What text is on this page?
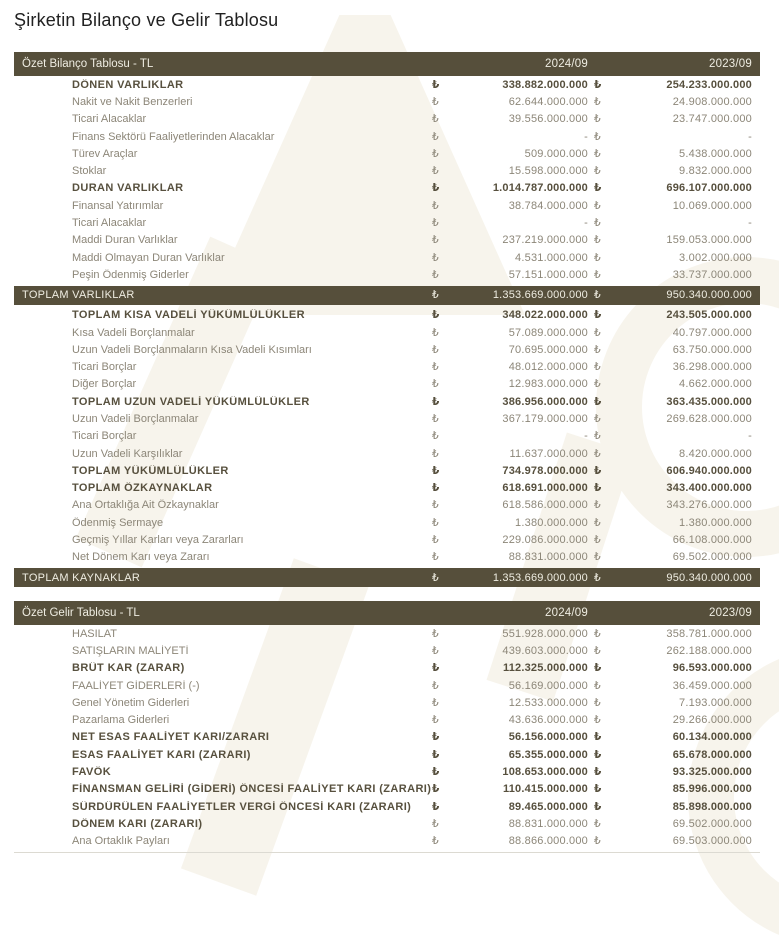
Şirketin Bilanço ve Gelir Tablosu
Özet Bilanço Tablosu - TL	2024/09	2023/09
DÖNEN VARLIKLAR	₺	338.882.000.000 ₺	254.233.000.000
Nakit ve Nakit Benzerleri	₺	62.644.000.000 ₺	24.908.000.000
Ticari Alacaklar	₺	39.556.000.000 ₺	23.747.000.000
Finans Sektörü Faaliyetlerinden Alacaklar	₺	- ₺	-
Türev Araçlar	₺	509.000.000 ₺	5.438.000.000
Stoklar	₺	15.598.000.000 ₺	9.832.000.000
DURAN VARLIKLAR	₺	1.014.787.000.000 ₺	696.107.000.000
Finansal Yatırımlar	₺	38.784.000.000 ₺	10.069.000.000
Ticari Alacaklar	₺	- ₺	-
Maddi Duran Varlıklar	₺	237.219.000.000 ₺	159.053.000.000
Maddi Olmayan Duran Varlıklar	₺	4.531.000.000 ₺	3.002.000.000
Peşin Ödenmiş Giderler	₺	57.151.000.000 ₺	33.737.000.000
TOPLAM VARLIKLAR	₺	1.353.669.000.000 ₺	950.340.000.000
TOPLAM KISA VADELİ YÜKÜMLÜLÜKLER	₺	348.022.000.000 ₺	243.505.000.000
Kısa Vadeli Borçlanmalar	₺	57.089.000.000 ₺	40.797.000.000
Uzun Vadeli Borçlanmaların Kısa Vadeli Kısımları	₺	70.695.000.000 ₺	63.750.000.000
Ticari Borçlar	₺	48.012.000.000 ₺	36.298.000.000
Diğer Borçlar	₺	12.983.000.000 ₺	4.662.000.000
TOPLAM UZUN VADELİ YÜKÜMLÜLÜKLER	₺	386.956.000.000 ₺	363.435.000.000
Uzun Vadeli Borçlanmalar	₺	367.179.000.000 ₺	269.628.000.000
Ticari Borçlar	₺	- ₺	-
Uzun Vadeli Karşılıklar	₺	11.637.000.000 ₺	8.420.000.000
TOPLAM YÜKÜMLÜLÜKLER	₺	734.978.000.000 ₺	606.940.000.000
TOPLAM ÖZKAYNAKLAR	₺	618.691.000.000 ₺	343.400.000.000
Ana Ortaklığa Ait Özkaynaklar	₺	618.586.000.000 ₺	343.276.000.000
Ödenmiş Sermaye	₺	1.380.000.000 ₺	1.380.000.000
Geçmiş Yıllar Karları veya Zararları	₺	229.086.000.000 ₺	66.108.000.000
Net Dönem Karı veya Zararı	₺	88.831.000.000 ₺	69.502.000.000
TOPLAM KAYNAKLAR	₺	1.353.669.000.000 ₺	950.340.000.000
Özet Gelir Tablosu - TL	2024/09	2023/09
HASILAT	₺	551.928.000.000 ₺	358.781.000.000
SATIŞLARIN MALİYETİ	₺	439.603.000.000 ₺	262.188.000.000
BRÜT KAR (ZARAR)	₺	112.325.000.000 ₺	96.593.000.000
FAALİYET GİDERLERİ (-)	₺	56.169.000.000 ₺	36.459.000.000
Genel Yönetim Giderleri	₺	12.533.000.000 ₺	7.193.000.000
Pazarlama Giderleri	₺	43.636.000.000 ₺	29.266.000.000
NET ESAS FAALİYET KARI/ZARARI	₺	56.156.000.000 ₺	60.134.000.000
ESAS FAALİYET KARI (ZARARI)	₺	65.355.000.000 ₺	65.678.000.000
FAVÖK	₺	108.653.000.000 ₺	93.325.000.000
FİNANSMAN GELİRİ (GİDERİ) ÖNCESİ FAALİYET KARI (ZARARI) ₺	110.415.000.000 ₺	85.996.000.000
SÜRDÜRÜLEN FAALİYETLER VERGİ ÖNCESİ KARI (ZARARI)	₺	89.465.000.000 ₺	85.898.000.000
DÖNEM KARI (ZARARI)	₺	88.831.000.000 ₺	69.502.000.000
Ana Ortaklık Payları	₺	88.866.000.000 ₺	69.503.000.000
